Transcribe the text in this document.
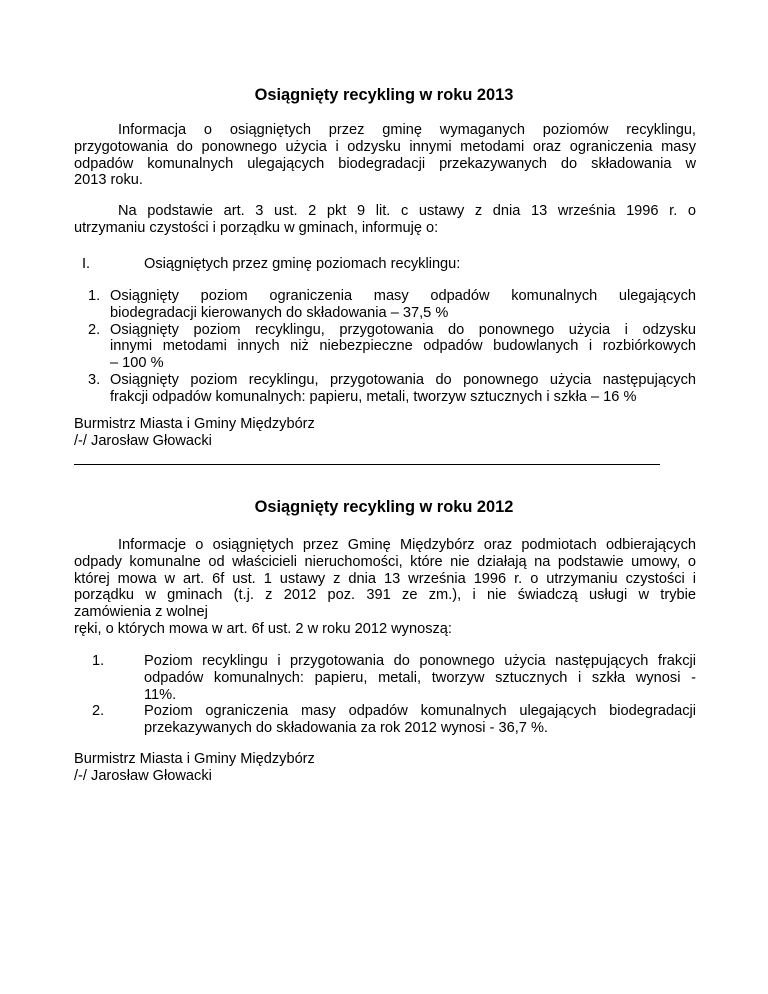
Osiągnięty recykling w roku 2013
Informacja o osiągniętych przez gminę wymaganych poziomów recyklingu,
przygotowania do ponownego użycia i odzysku innymi metodami oraz ograniczenia masy
odpadów komunalnych ulegających biodegradacji przekazywanych do składowania w
2013 roku.
Na podstawie art. 3 ust. 2 pkt 9 lit. c ustawy z dnia 13 września 1996 r. o
utrzymaniu czystości i porządku w gminach, informuję o:
I.	Osiągniętych przez gminę poziomach recyklingu:
1. Osiągnięty poziom ograniczenia masy odpadów komunalnych ulegających
biodegradacji kierowanych do składowania – 37,5 %
2. Osiągnięty poziom recyklingu, przygotowania do ponownego użycia i odzysku
innymi metodami innych niż niebezpieczne odpadów budowlanych i rozbiórkowych
– 100 %
3. Osiągnięty poziom recyklingu, przygotowania do ponownego użycia następujących
frakcji odpadów komunalnych: papieru, metali, tworzyw sztucznych i szkła – 16 %
Burmistrz Miasta i Gminy Międzybórz
/-/ Jarosław Głowacki
Osiągnięty recykling w roku 2012
Informacje o osiągniętych przez Gminę Międzybórz oraz podmiotach odbierających
odpady komunalne od właścicieli nieruchomości, które nie działają na podstawie umowy, o
której mowa w art. 6f ust. 1 ustawy z dnia 13 września 1996 r. o utrzymaniu czystości i
porządku w gminach (t.j. z 2012 poz. 391 ze zm.), i nie świadczą usługi w trybie
zamówienia z wolnej
ręki, o których mowa w art. 6f ust. 2 w roku 2012 wynoszą:
1.	Poziom recyklingu i przygotowania do ponownego użycia następujących frakcji
odpadów komunalnych: papieru, metali, tworzyw sztucznych i szkła wynosi -
11%.
2.	Poziom ograniczenia masy odpadów komunalnych ulegających biodegradacji
przekazywanych do składowania za rok 2012 wynosi - 36,7 %.
Burmistrz Miasta i Gminy Międzybórz
/-/ Jarosław Głowacki
